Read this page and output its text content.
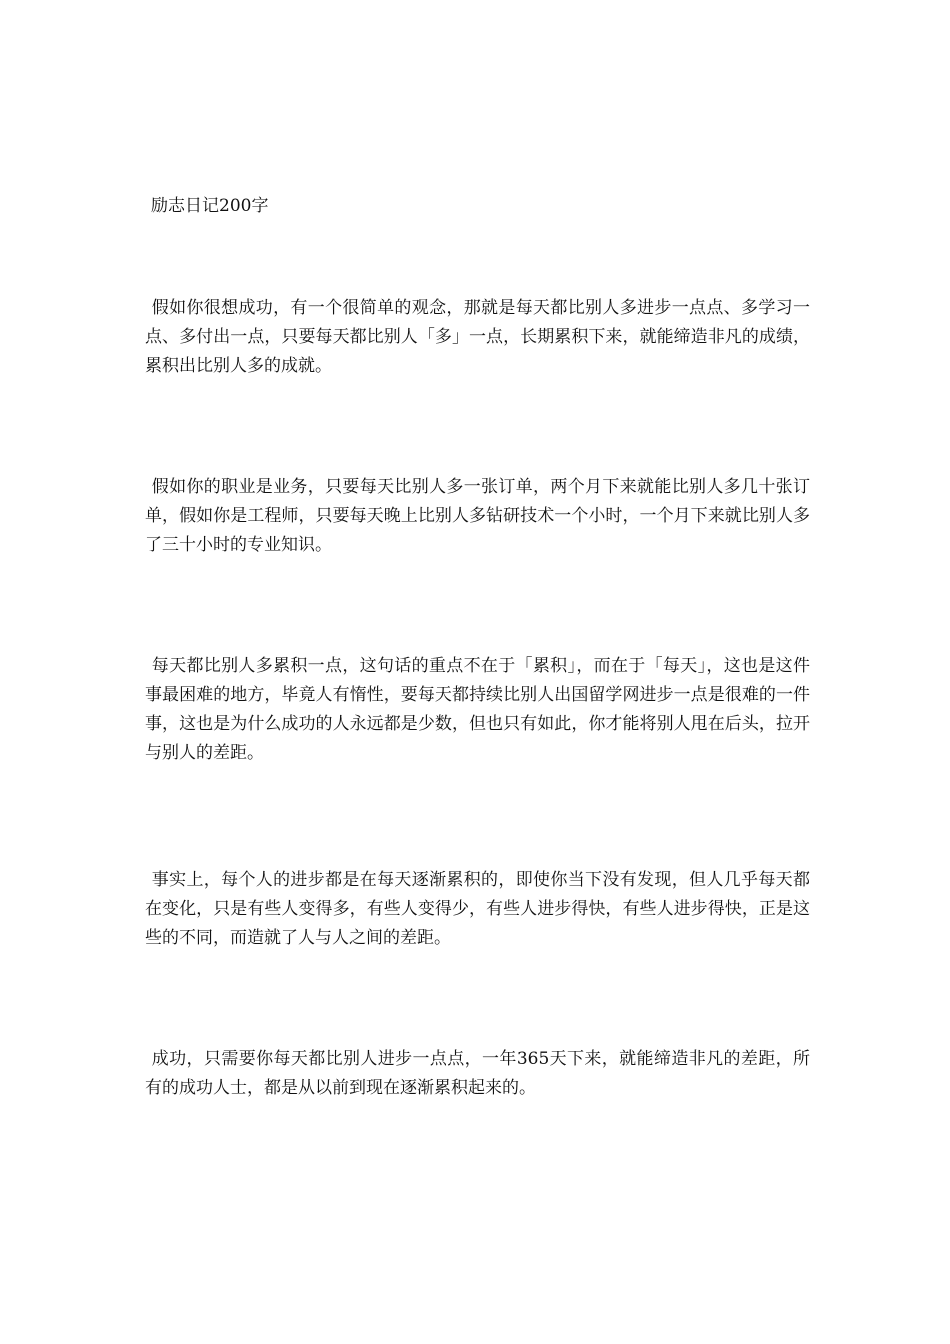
励志日记200字

假如你很想成功，有一个很简单的观念，那就是每天都比别人多进步一点点、多学习一点、多付出一点，只要每天都比别人「多」一点，长期累积下来，就能缔造非凡的成绩，累积出比别人多的成就。

假如你的职业是业务，只要每天比别人多一张订单，两个月下来就能比别人多几十张订单，假如你是工程师，只要每天晚上比别人多钻研技术一个小时，一个月下来就比别人多了三十小时的专业知识。

每天都比别人多累积一点，这句话的重点不在于「累积」，而在于「每天」，这也是这件事最困难的地方，毕竟人有惰性，要每天都持续比别人出国留学网进步一点是很难的一件事，这也是为什么成功的人永远都是少数，但也只有如此，你才能将别人甩在后头，拉开与别人的差距。

事实上，每个人的进步都是在每天逐渐累积的，即使你当下没有发现，但人几乎每天都在变化，只是有些人变得多，有些人变得少，有些人进步得快，有些人进步得快，正是这些的不同，而造就了人与人之间的差距。

成功，只需要你每天都比别人进步一点点，一年365天下来，就能缔造非凡的差距，所有的成功人士，都是从以前到现在逐渐累积起来的。
